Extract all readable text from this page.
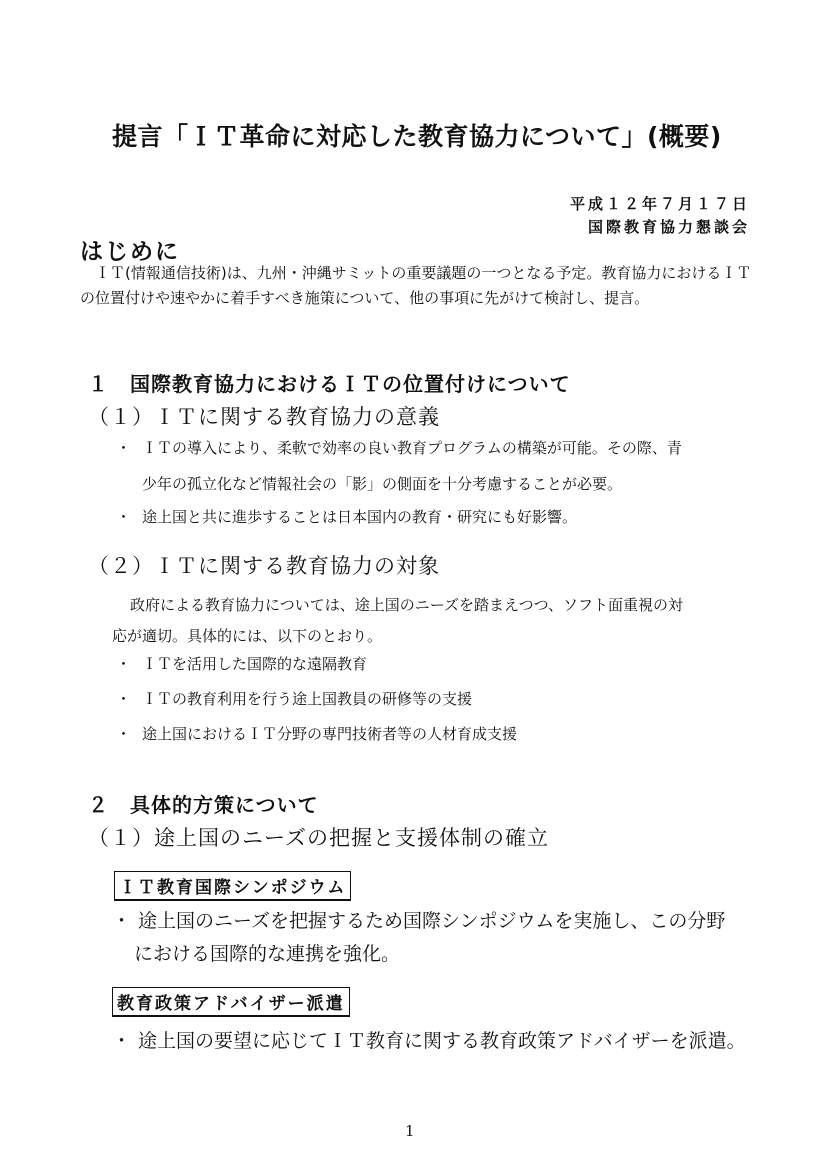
提言「ＩＴ革命に対応した教育協力について」(概要)
平成１２年７月１７日
国際教育協力懇談会
はじめに
ＩＴ(情報通信技術)は、九州・沖縄サミットの重要議題の一つとなる予定。教育協力におけるＩＴの位置付けや速やかに着手すべき施策について、他の事項に先がけて検討し、提言。
１　国際教育協力におけるＩＴの位置付けについて
（１）ＩＴに関する教育協力の意義
・ ＩＴの導入により、柔軟で効率の良い教育プログラムの構築が可能。その際、青
少年の孤立化など情報社会の「影」の側面を十分考慮することが必要。
・ 途上国と共に進歩することは日本国内の教育・研究にも好影響。
（２）ＩＴに関する教育協力の対象
政府による教育協力については、途上国のニーズを踏まえつつ、ソフト面重視の対
応が適切。具体的には、以下のとおり。
・ ＩＴを活用した国際的な遠隔教育
・ ＩＴの教育利用を行う途上国教員の研修等の支援
・ 途上国におけるＩＴ分野の専門技術者等の人材育成支援
２　具体的方策について
（１）途上国のニーズの把握と支援体制の確立
ＩＴ教育国際シンポジウム
・ 途上国のニーズを把握するため国際シンポジウムを実施し、この分野
における国際的な連携を強化。
教育政策アドバイザー派遣
・ 途上国の要望に応じてＩＴ教育に関する教育政策アドバイザーを派遣。
1
